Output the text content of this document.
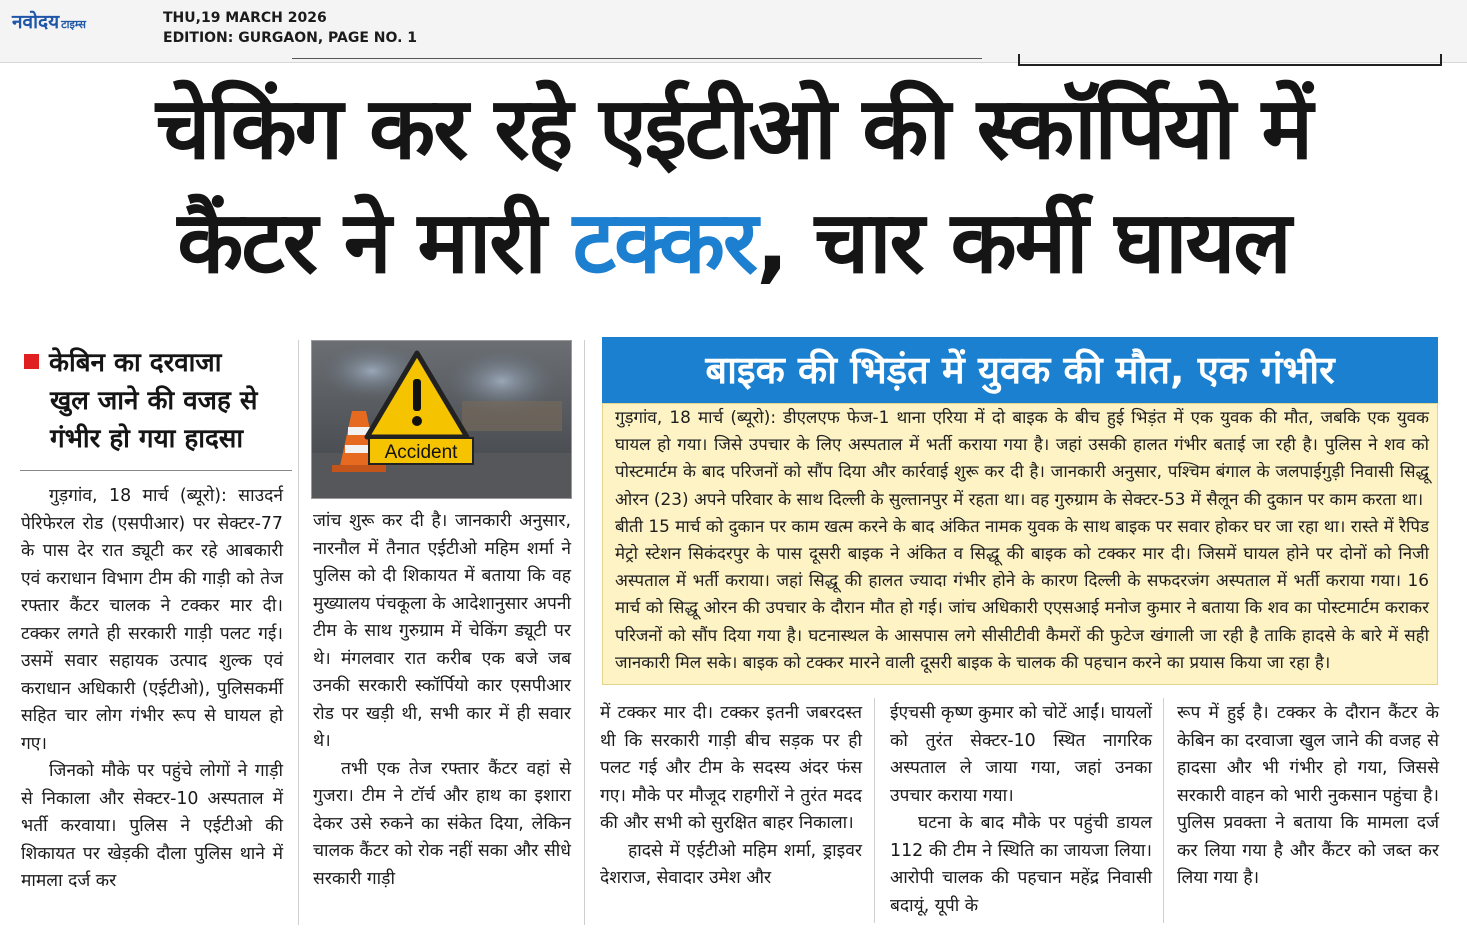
नवोदय टाइम्स	THU,19 MARCH 2026
EDITION: GURGAON, PAGE NO. 1
चेकिंग कर रहे एईटीओ की स्कॉर्पियो में
कैंटर ने मारी टक्कर, चार कर्मी घायल
केबिन का दरवाजा
खुल जाने की वजह से
गंभीर हो गया हादसा

गुड़गांव, 18 मार्च (ब्यूरो): साउदर्न पेरिफेरल रोड (एसपीआर) पर सेक्टर-77 के पास देर रात ड्यूटी कर रहे आबकारी एवं कराधान विभाग टीम की गाड़ी को तेज रफ्तार कैंटर चालक ने टक्कर मार दी। टक्कर लगते ही सरकारी गाड़ी पलट गई। उसमें सवार सहायक उत्पाद शुल्क एवं कराधान अधिकारी (एईटीओ), पुलिसकर्मी सहित चार लोग गंभीर रूप से घायल हो गए।

जिनको मौके पर पहुंचे लोगों ने गाड़ी से निकाला और सेक्टर-10 अस्पताल में भर्ती करवाया। पुलिस ने एईटीओ की शिकायत पर खेड़की दौला पुलिस थाने में मामला दर्ज कर

Accident

जांच शुरू कर दी है। जानकारी अनुसार, नारनौल में तैनात एईटीओ महिम शर्मा ने पुलिस को दी शिकायत में बताया कि वह मुख्यालय पंचकूला के आदेशानुसार अपनी टीम के साथ गुरुग्राम में चेकिंग ड्यूटी पर थे। मंगलवार रात करीब एक बजे जब उनकी सरकारी स्कॉर्पियो कार एसपीआर रोड पर खड़ी थी, सभी कार में ही सवार थे।

तभी एक तेज रफ्तार कैंटर वहां से गुजरा। टीम ने टॉर्च और हाथ का इशारा देकर उसे रुकने का संकेत दिया, लेकिन चालक कैंटर को रोक नहीं सका और सीधे सरकारी गाड़ी

बाइक की भिड़ंत में युवक की मौत, एक गंभीर

गुड़गांव, 18 मार्च (ब्यूरो): डीएलएफ फेज-1 थाना एरिया में दो बाइक के बीच हुई भिड़ंत में एक युवक की मौत, जबकि एक युवक घायल हो गया। जिसे उपचार के लिए अस्पताल में भर्ती कराया गया है। जहां उसकी हालत गंभीर बताई जा रही है। पुलिस ने शव को पोस्टमार्टम के बाद परिजनों को सौंप दिया और कार्रवाई शुरू कर दी है। जानकारी अनुसार, पश्चिम बंगाल के जलपाईगुड़ी निवासी सिद्धू ओरन (23) अपने परिवार के साथ दिल्ली के सुल्तानपुर में रहता था। वह गुरुग्राम के सेक्टर-53 में सैलून की दुकान पर काम करता था।

बीती 15 मार्च को दुकान पर काम खत्म करने के बाद अंकित नामक युवक के साथ बाइक पर सवार होकर घर जा रहा था। रास्ते में रैपिड मेट्रो स्टेशन सिकंदरपुर के पास दूसरी बाइक ने अंकित व सिद्धू की बाइक को टक्कर मार दी। जिसमें घायल होने पर दोनों को निजी अस्पताल में भर्ती कराया। जहां सिद्धू की हालत ज्यादा गंभीर होने के कारण दिल्ली के सफदरजंग अस्पताल में भर्ती कराया गया। 16 मार्च को सिद्धू ओरन की उपचार के दौरान मौत हो गई। जांच अधिकारी एएसआई मनोज कुमार ने बताया कि शव का पोस्टमार्टम कराकर परिजनों को सौंप दिया गया है। घटनास्थल के आसपास लगे सीसीटीवी कैमरों की फुटेज खंगाली जा रही है ताकि हादसे के बारे में सही जानकारी मिल सके। बाइक को टक्कर मारने वाली दूसरी बाइक के चालक की पहचान करने का प्रयास किया जा रहा है।

में टक्कर मार दी। टक्कर इतनी जबरदस्त थी कि सरकारी गाड़ी बीच सड़क पर ही पलट गई और टीम के सदस्य अंदर फंस गए। मौके पर मौजूद राहगीरों ने तुरंत मदद की और सभी को सुरक्षित बाहर निकाला।

हादसे में एईटीओ महिम शर्मा, ड्राइवर देशराज, सेवादार उमेश और

ईएचसी कृष्ण कुमार को चोटें आईं। घायलों को तुरंत सेक्टर-10 स्थित नागरिक अस्पताल ले जाया गया, जहां उनका उपचार कराया गया।

घटना के बाद मौके पर पहुंची डायल 112 की टीम ने स्थिति का जायजा लिया। आरोपी चालक की पहचान महेंद्र निवासी बदायूं, यूपी के

रूप में हुई है। टक्कर के दौरान कैंटर के केबिन का दरवाजा खुल जाने की वजह से हादसा और भी गंभीर हो गया, जिससे सरकारी वाहन को भारी नुकसान पहुंचा है। पुलिस प्रवक्ता ने बताया कि मामला दर्ज कर लिया गया है और कैंटर को जब्त कर लिया गया है।
